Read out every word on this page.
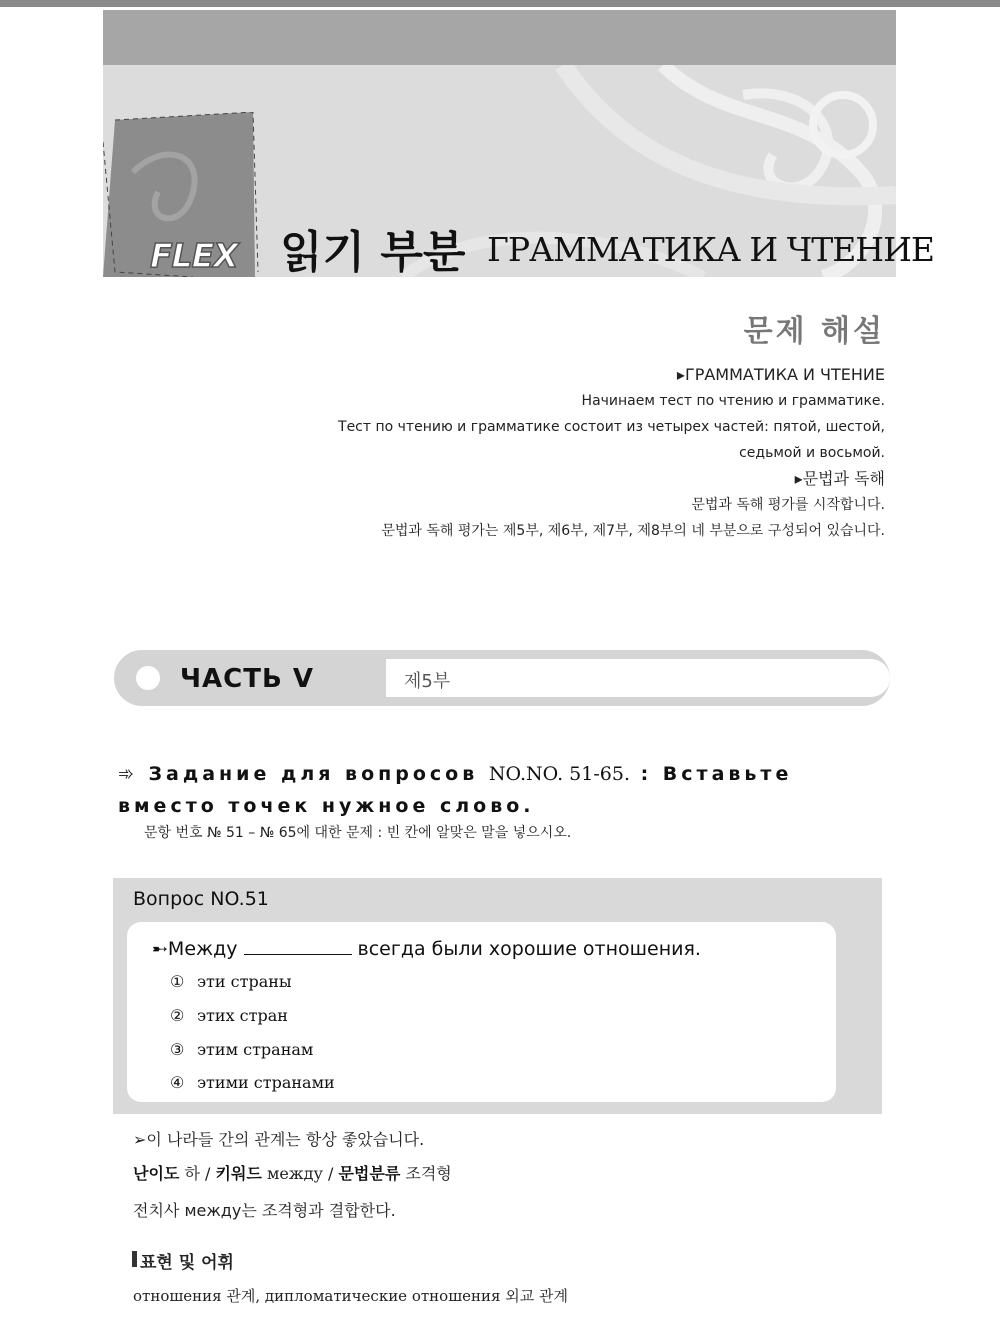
FLEX 읽기 부분 ГРАММАТИКА И ЧТЕНИЕ
문제 해설
▸ГРАММАТИКА И ЧТЕНИЕ
Начинаем тест по чтению и грамматике.
Тест по чтению и грамматике состоит из четырех частей: пятой, шестой,
седьмой и восьмой.
▸문법과 독해
문법과 독해 평가를 시작합니다.
문법과 독해 평가는 제5부, 제6부, 제7부, 제8부의 네 부분으로 구성되어 있습니다.
ЧАСТЬ V	제5부
➾ Задание для вопросов NO.NO. 51-65. : Вставьте вместо точек нужное слово.
문항 번호 № 51 – № 65에 대한 문제 : 빈 칸에 알맞은 말을 넣으시오.
Вопрос NO.51
➸Между	всегда были хорошие отношения.
① эти страны
② этих стран
③ этим странам
④ этими странами
➢이 나라들 간의 관계는 항상 좋았습니다.
난이도 하 / 키워드 между / 문법분류 조격형
전치사 между는 조격형과 결합한다.
표현 및 어휘
отношения 관계, дипломатические отношения 외교 관계
